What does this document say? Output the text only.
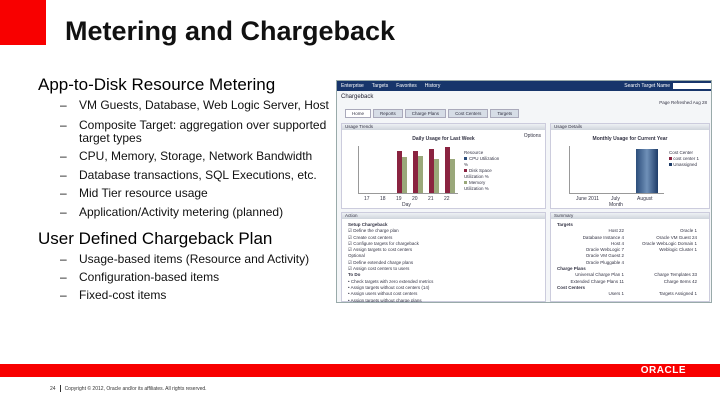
Metering and Chargeback
App-to-Disk Resource Metering
– VM Guests, Database, Web Logic Server, Host
– Composite Target: aggregation over supported target types
– CPU, Memory, Storage, Network Bandwidth
– Database transactions, SQL Executions, etc.
– Mid Tier resource usage
– Application/Activity metering (planned)
User Defined Chargeback Plan
– Usage-based items (Resource and Activity)
– Configuration-based items
– Fixed-cost items
Enterprise Targets Favorites History	Search Target Name
Chargeback
Page Refreshed Aug 28
Home	Reports	Charge Plans	Cost Centers	Targets
Usage Trends
Options
Daily Usage for Last Week
17 18 19 20 21 22
Day
Resource
CPU Utilization %
Disk Space Utilization %
Memory Utilization %
Usage Details
Monthly Usage for Current Year
June 2011 July	August
Month
Cost Center
cost center 1
Unassigned
Action
Setup Chargeback
☑ Define the charge plan
☑ Create cost centers
☑ Configure targets for chargeback
☑ Assign targets to cost centers
Optional
☑ Define extended charge plans
☑ Assign cost centers to users
To Do
• Check targets with zero extended metrics
• Assign targets without cost centers (14)
• Assign users without cost centers
• Assign targets without charge plans
Summary
Targets
Host 22	Oracle 1
Database Instance 4	Oracle VM Guest 24
Host 4	Oracle WebLogic Domain 1
Oracle WebLogic 7	Weblogic Cluster 1
Oracle VM Guest 2
Oracle Pluggable 4
Charge Plans
Universal Charge Plan 1	Charge Templates 33
Extended Charge Plans 11	Charge Items 42
Cost Centers
Users 1	Targets Assigned 1
ORACLE
24 Copyright © 2012, Oracle and/or its affiliates. All rights reserved.
